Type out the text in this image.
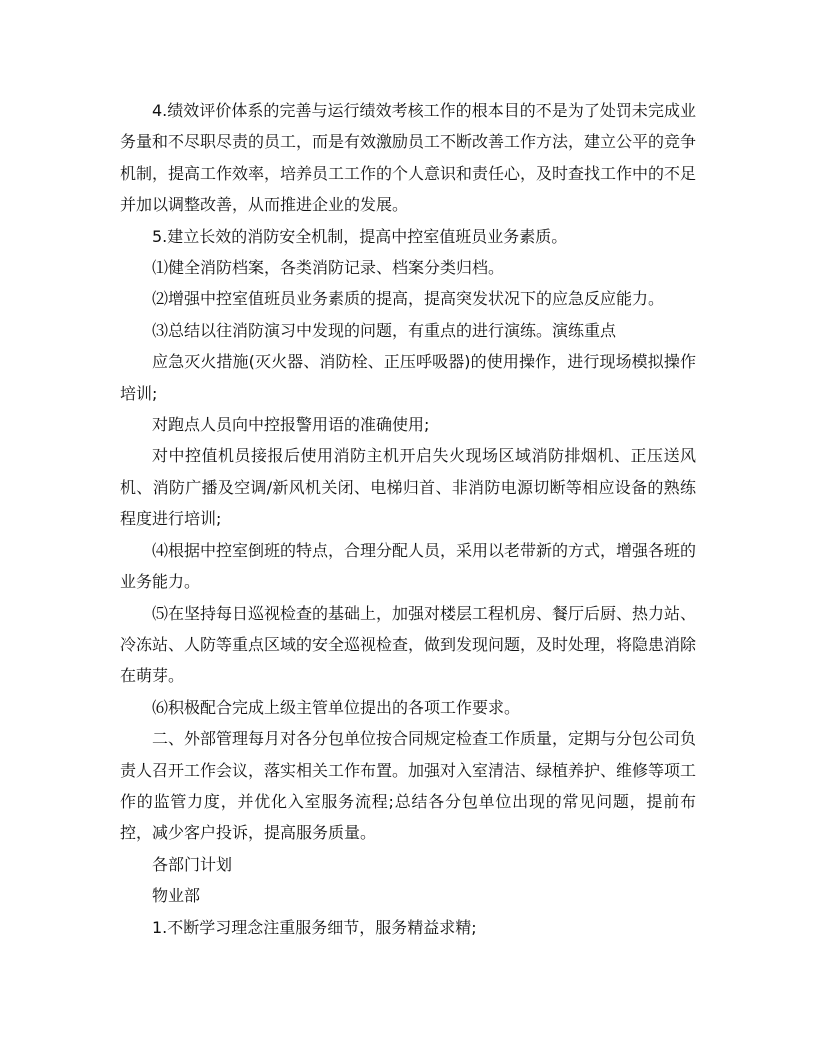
4.绩效评价体系的完善与运行绩效考核工作的根本目的不是为了处罚未完成业务量和不尽职尽责的员工，而是有效激励员工不断改善工作方法，建立公平的竞争机制，提高工作效率，培养员工工作的个人意识和责任心，及时查找工作中的不足并加以调整改善，从而推进企业的发展。

5.建立长效的消防安全机制，提高中控室值班员业务素质。

⑴健全消防档案，各类消防记录、档案分类归档。

⑵增强中控室值班员业务素质的提高，提高突发状况下的应急反应能力。

⑶总结以往消防演习中发现的问题，有重点的进行演练。演练重点

应急灭火措施(灭火器、消防栓、正压呼吸器)的使用操作，进行现场模拟操作培训;

对跑点人员向中控报警用语的准确使用;

对中控值机员接报后使用消防主机开启失火现场区域消防排烟机、正压送风机、消防广播及空调/新风机关闭、电梯归首、非消防电源切断等相应设备的熟练程度进行培训;

⑷根据中控室倒班的特点，合理分配人员，采用以老带新的方式，增强各班的业务能力。

⑸在坚持每日巡视检查的基础上，加强对楼层工程机房、餐厅后厨、热力站、冷冻站、人防等重点区域的安全巡视检查，做到发现问题，及时处理，将隐患消除在萌芽。

⑹积极配合完成上级主管单位提出的各项工作要求。

二、外部管理每月对各分包单位按合同规定检查工作质量，定期与分包公司负责人召开工作会议，落实相关工作布置。加强对入室清洁、绿植养护、维修等项工作的监管力度，并优化入室服务流程;总结各分包单位出现的常见问题，提前布控，减少客户投诉，提高服务质量。

各部门计划

物业部

1.不断学习理念注重服务细节，服务精益求精;
